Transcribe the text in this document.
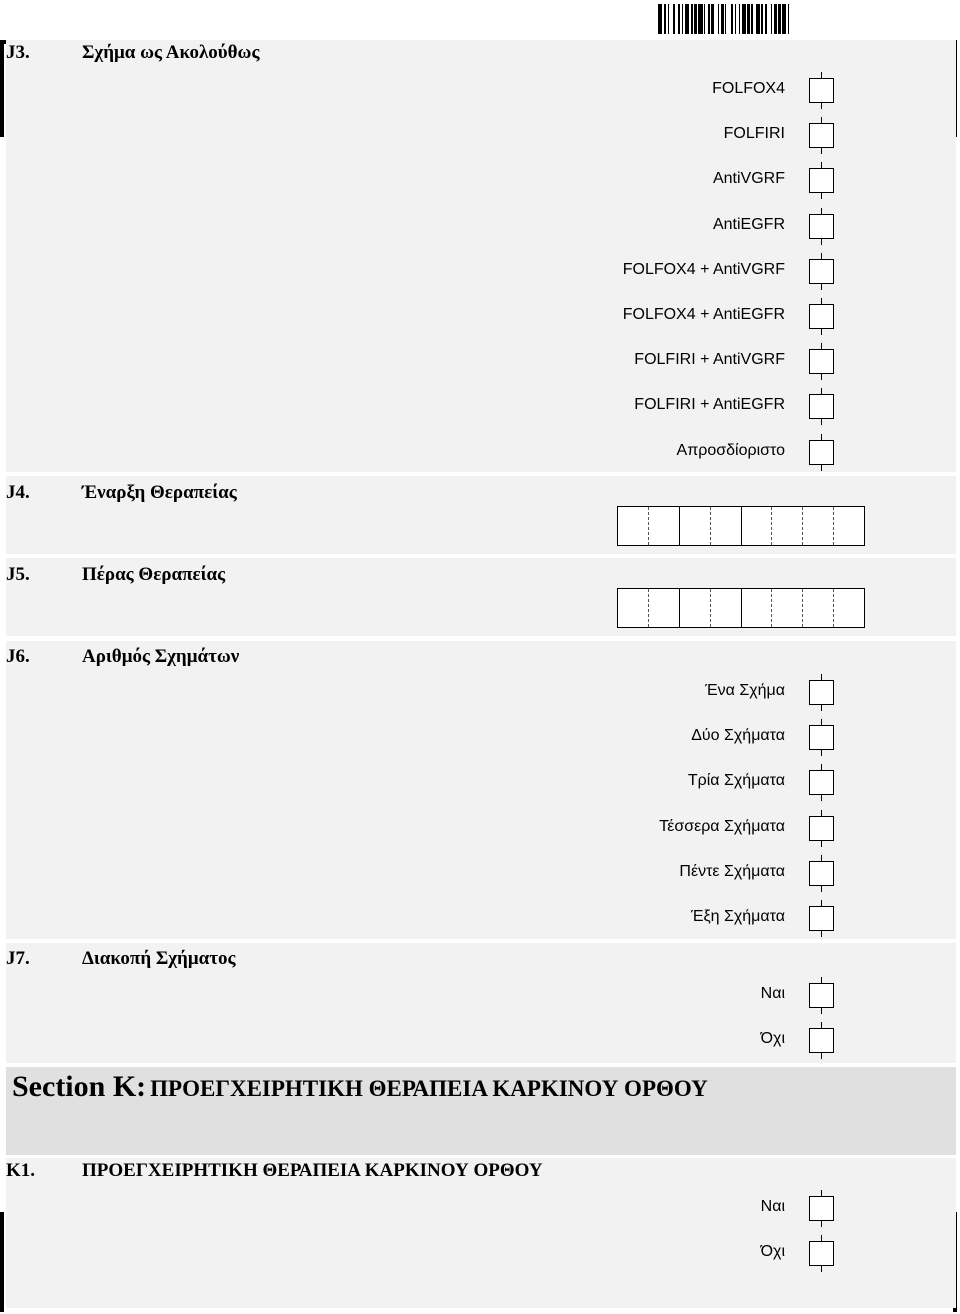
J3.	Σχήμα ως Ακολούθως
FOLFOX4
FOLFIRI
AntiVGRF
AntiEGFR
FOLFOX4 + AntiVGRF
FOLFOX4 + AntiEGFR
FOLFIRI + AntiVGRF
FOLFIRI + AntiEGFR
Απροσδίοριστο
J4.	Έναρξη Θεραπείας
J5.	Πέρας Θεραπείας
J6.	Αριθμός Σχημάτων
Ένα Σχήμα
Δύο Σχήματα
Τρία Σχήματα
Τέσσερα Σχήματα
Πέντε Σχήματα
Έξη Σχήματα
J7.	Διακοπή Σχήματος
Ναι
Όχι
Section K: ΠΡΟΕΓΧΕΙΡΗΤΙΚΗ ΘΕΡΑΠΕΙΑ ΚΑΡΚΙΝΟΥ ΟΡΘΟΥ
K1. ΠΡΟΕΓΧΕΙΡΗΤΙΚΗ ΘΕΡΑΠΕΙΑ ΚΑΡΚΙΝΟΥ ΟΡΘΟΥ
Ναι
Όχι
